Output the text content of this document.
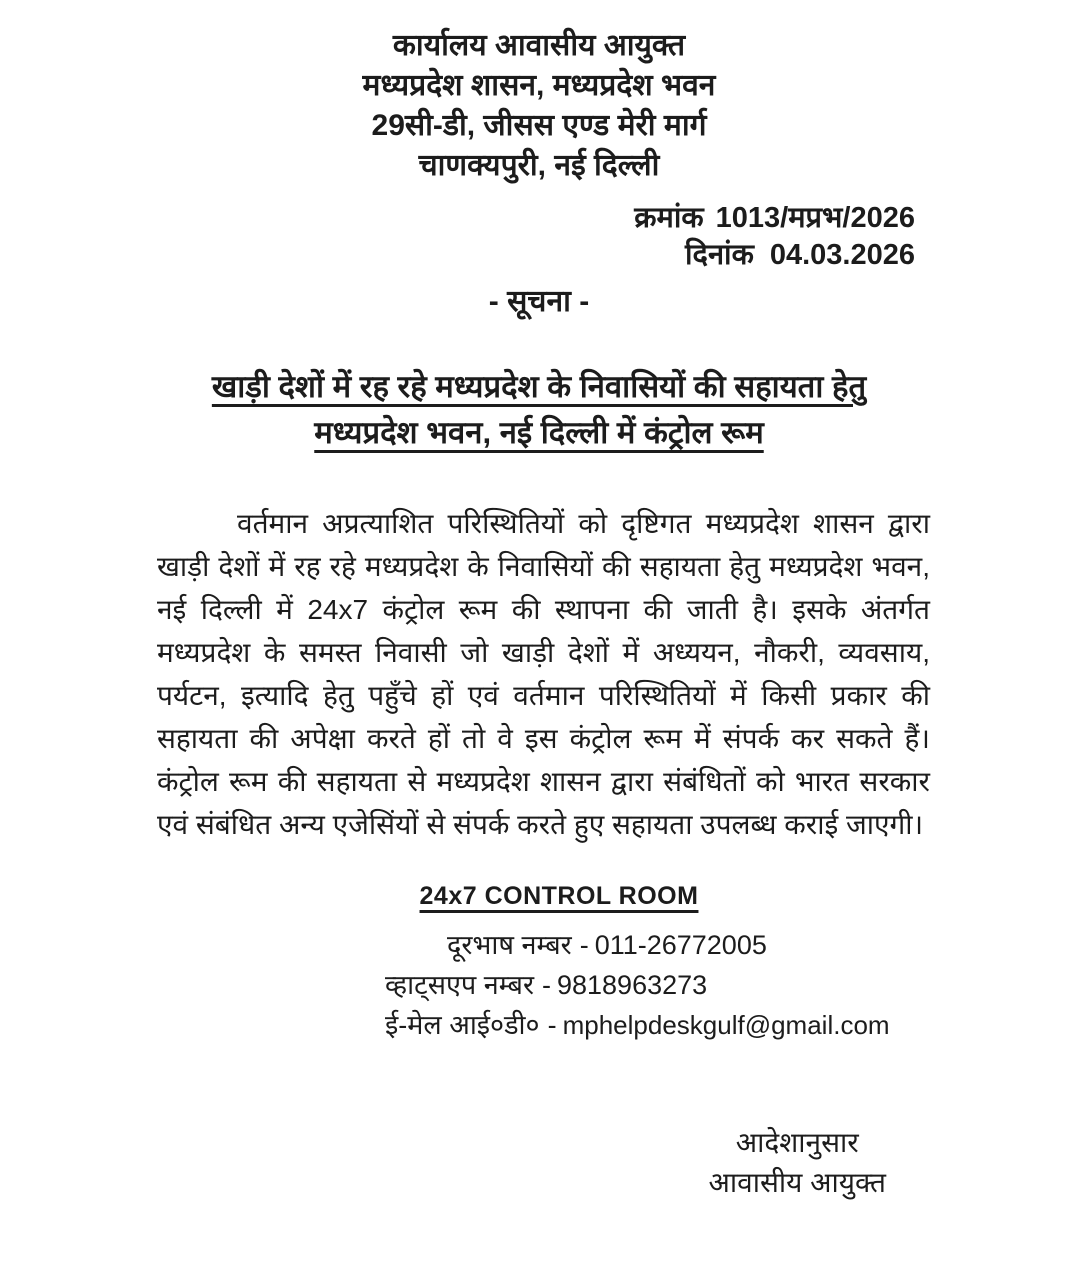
कार्यालय आवासीय आयुक्त
मध्यप्रदेश शासन, मध्यप्रदेश भवन
29सी-डी, जीसस एण्ड मेरी मार्ग
चाणक्यपुरी, नई दिल्ली
क्रमांक 1013/मप्रभ/2026
दिनांक 04.03.2026
- सूचना -
खाड़ी देशों में रह रहे मध्यप्रदेश के निवासियों की सहायता हेतु
मध्यप्रदेश भवन, नई दिल्ली में कंट्रोल रूम

वर्तमान अप्रत्याशित परिस्थितियों को दृष्टिगत मध्यप्रदेश शासन द्वारा खाड़ी देशों में रह रहे मध्यप्रदेश के निवासियों की सहायता हेतु मध्यप्रदेश भवन, नई दिल्ली में 24x7 कंट्रोल रूम की स्थापना की जाती है। इसके अंतर्गत मध्यप्रदेश के समस्त निवासी जो खाड़ी देशों में अध्ययन, नौकरी, व्यवसाय, पर्यटन, इत्यादि हेतु पहुँचे हों एवं वर्तमान परिस्थितियों में किसी प्रकार की सहायता की अपेक्षा करते हों तो वे इस कंट्रोल रूम में संपर्क कर सकते हैं। कंट्रोल रूम की सहायता से मध्यप्रदेश शासन द्वारा संबंधितों को भारत सरकार एवं संबंधित अन्य एजेसिंयों से संपर्क करते हुए सहायता उपलब्ध कराई जाएगी।

24x7 CONTROL ROOM
दूरभाष नम्बर - 011-26772005
व्हाट्सएप नम्बर - 9818963273
ई-मेल आई०डी० - mphelpdeskgulf@gmail.com
आदेशानुसार
आवासीय आयुक्त
